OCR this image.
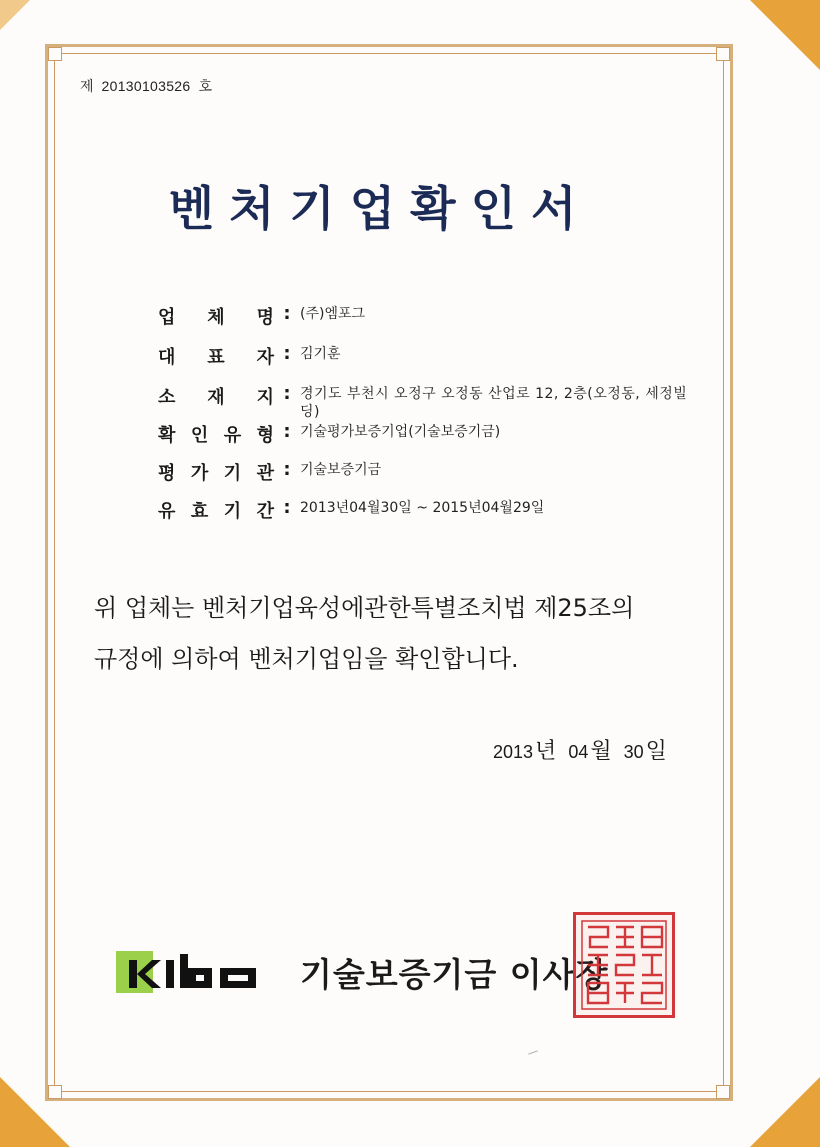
제 20130103526 호
벤처기업확인서
업 체 명 : (주)엠포그
대 표 자 : 김기훈
소 재 지 : 경기도 부천시 오정구 오정동 산업로 12, 2층(오정동, 세정빌딩)
확 인 유 형 : 기술평가보증기업(기술보증기금)
평 가 기 관 : 기술보증기금
유 효 기 간 : 2013년04월30일 ~ 2015년04월29일
위 업체는 벤처기업육성에관한특별조치법 제25조의
규정에 의하여 벤처기업임을 확인합니다.
2013 년 04 월 30 일
기술보증기금 이사장
